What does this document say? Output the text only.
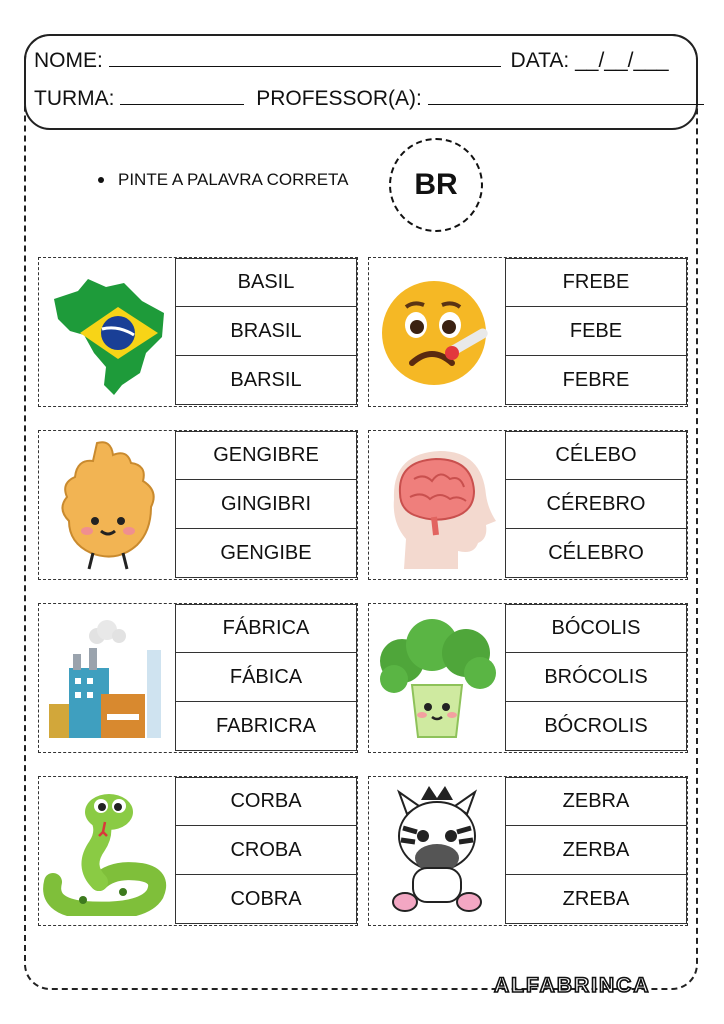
NOME:	DATA: __/__/___
TURMA:	PROFESSOR(A):
PINTE A PALAVRA CORRETA BR
BASIL
BRASIL
BARSIL
FREBE
FEBE
FEBRE
GENGIBRE
GINGIBRI
GENGIBE
CÉLEBO
CÉREBRO
CÉLEBRO
FÁBRICA
FÁBICA
FABRICRA
BÓCOLIS
BRÓCOLIS
BÓCROLIS
CORBA
CROBA
COBRA
ZEBRA
ZERBA
ZREBA
ALFABRINCA
